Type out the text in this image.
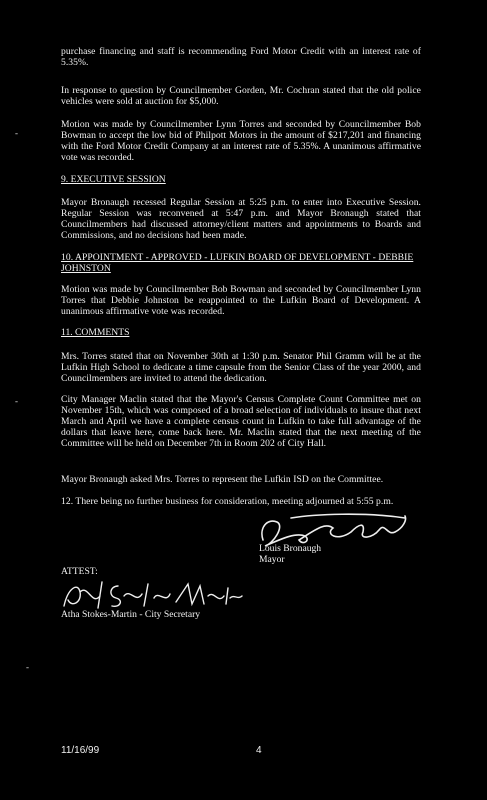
purchase financing and staff is recommending Ford Motor Credit with an interest rate of 5.35%.

In response to question by Councilmember Gorden, Mr. Cochran stated that the old police vehicles were sold at auction for $5,000.

-

Motion was made by Councilmember Lynn Torres and seconded by Councilmember Bob Bowman to accept the low bid of Philpott Motors in the amount of $217,201 and financing with the Ford Motor Credit Company at an interest rate of 5.35%. A unanimous affirmative vote was recorded.

9. EXECUTIVE SESSION

Mayor Bronaugh recessed Regular Session at 5:25 p.m. to enter into Executive Session. Regular Session was reconvened at 5:47 p.m. and Mayor Bronaugh stated that Councilmembers had discussed attorney/client matters and appointments to Boards and Commissions, and no decisions had been made.

10. APPOINTMENT - APPROVED - LUFKIN BOARD OF DEVELOPMENT - DEBBIE JOHNSTON

Motion was made by Councilmember Bob Bowman and seconded by Councilmember Lynn Torres that Debbie Johnston be reappointed to the Lufkin Board of Development. A unanimous affirmative vote was recorded.

11. COMMENTS

Mrs. Torres stated that on November 30th at 1:30 p.m. Senator Phil Gramm will be at the Lufkin High School to dedicate a time capsule from the Senior Class of the year 2000, and Councilmembers are invited to attend the dedication.

-	City Manager Maclin stated that the Mayor's Census Complete Count Committee met on November 15th, which was composed of a broad selection of individuals to insure that next March and April we have a complete census count in Lufkin to take full advantage of the dollars that leave here, come back here. Mr. Maclin stated that the next meeting of the Committee will be held on December 7th in Room 202 of City Hall.

Mayor Bronaugh asked Mrs. Torres to represent the Lufkin ISD on the Committee.

12. There being no further business for consideration, meeting adjourned at 5:55 p.m.

Louis Bronaugh
Mayor
ATTEST:
Atha Stokes-Martin - City Secretary
-
11/16/99	4
